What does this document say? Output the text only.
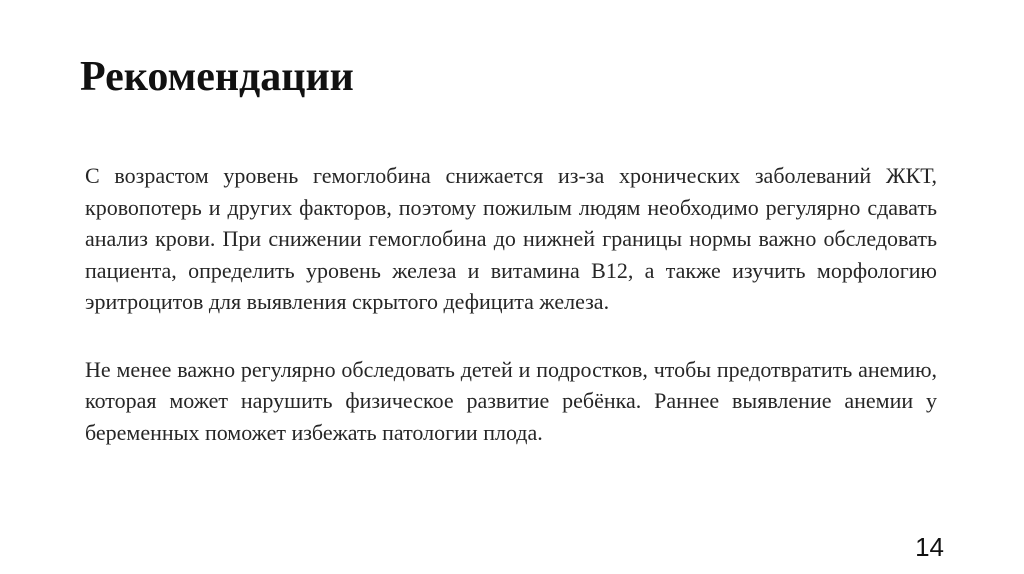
Рекомендации

С возрастом уровень гемоглобина снижается из-за хронических заболеваний ЖКТ, кровопотерь и других факторов, поэтому пожилым людям необходимо регулярно сдавать анализ крови. При снижении гемоглобина до нижней границы нормы важно обследовать пациента, определить уровень железа и витамина В12, а также изучить морфологию эритроцитов для выявления скрытого дефицита железа.

Не менее важно регулярно обследовать детей и подростков, чтобы предотвратить анемию, которая может нарушить физическое развитие ребёнка. Раннее выявление анемии у беременных поможет избежать патологии плода.

14
